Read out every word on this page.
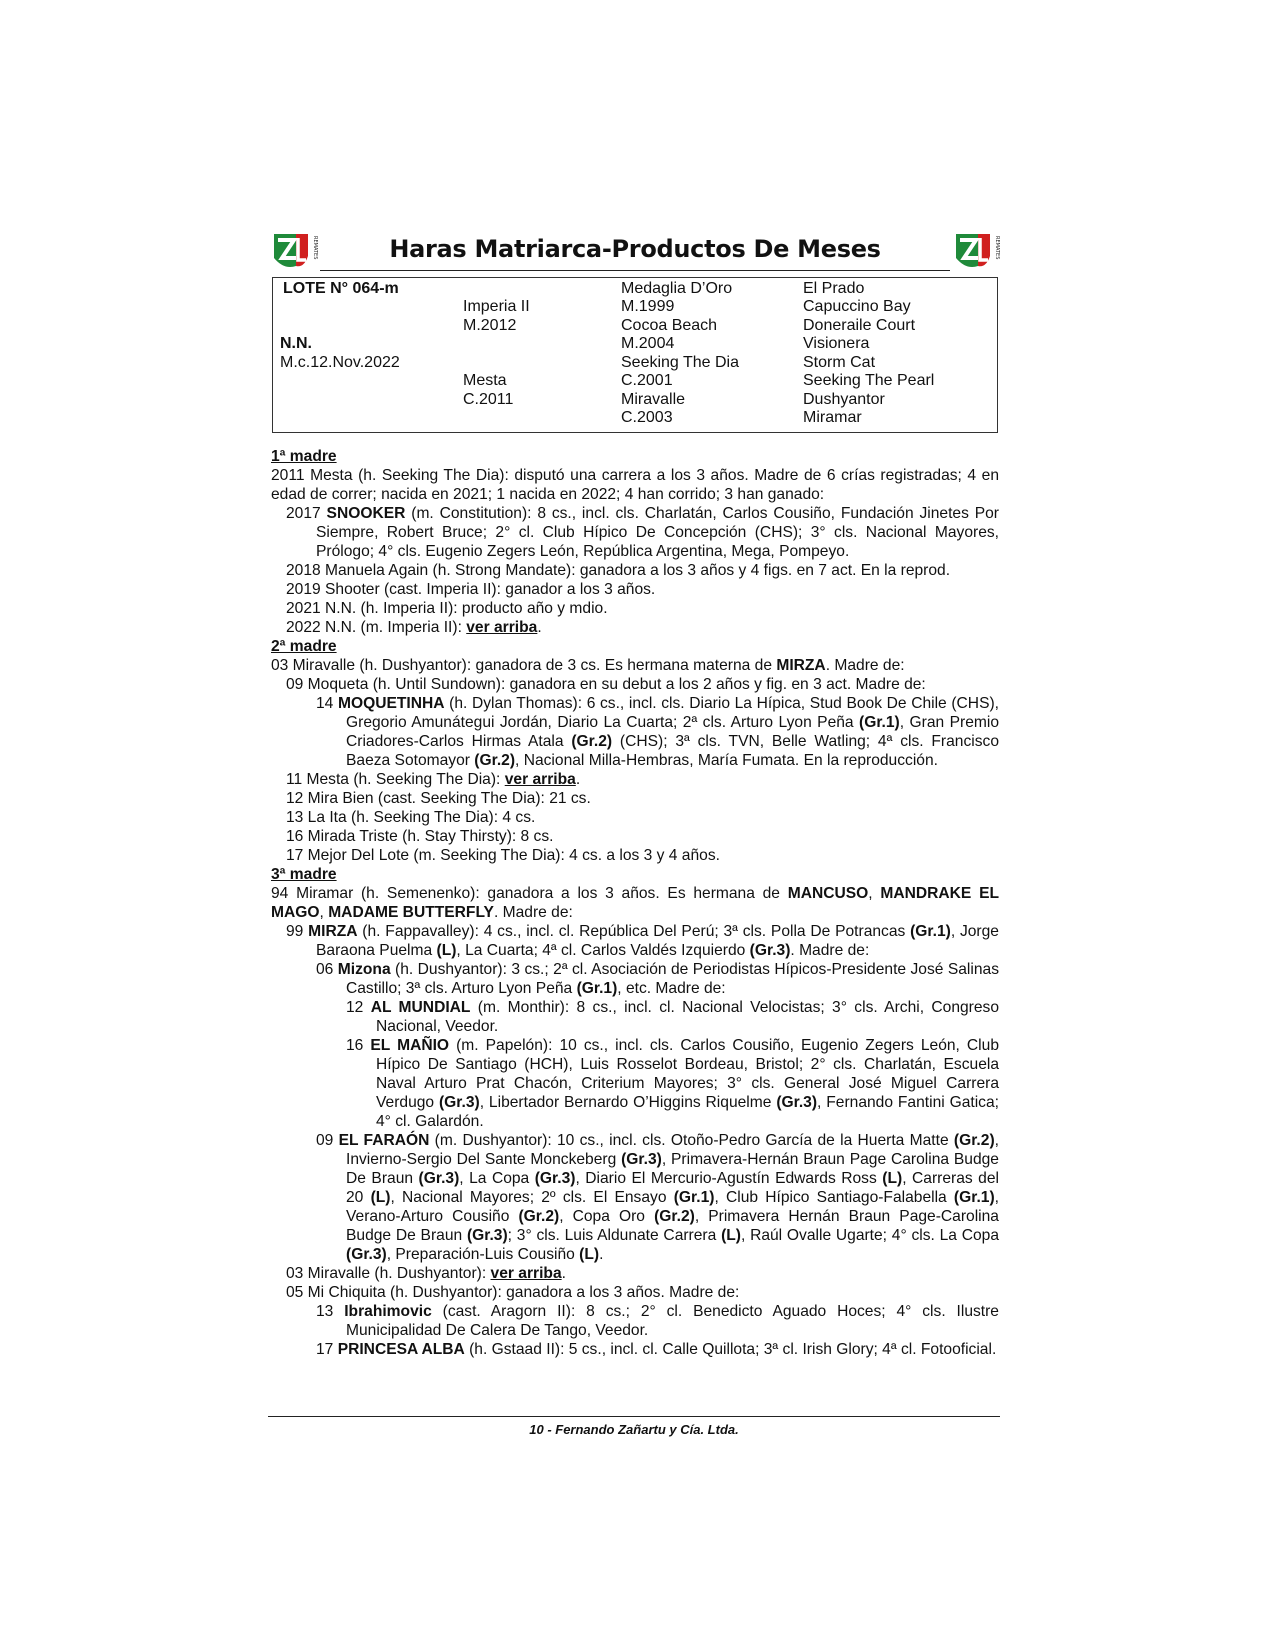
REMATES	Haras Matriarca-Productos De Meses	REMATES
LOTE N° 064-m
N.N.
M.c.12.Nov.2022
Imperia II
M.2012
Mesta
C.2011
Medaglia D’Oro
M.1999
Cocoa Beach
M.2004
Seeking The Dia
C.2001
Miravalle
C.2003
El Prado
Capuccino Bay
Doneraile Court
Visionera
Storm Cat
Seeking The Pearl
Dushyantor
Miramar

1ª madre

2011 Mesta (h. Seeking The Dia): disputó una carrera a los 3 años. Madre de 6 crías registradas; 4 en edad de correr; nacida en 2021; 1 nacida en 2022; 4 han corrido; 3 han ganado:

2017 SNOOKER (m. Constitution): 8 cs., incl. cls. Charlatán, Carlos Cousiño, Fundación Jinetes Por Siempre, Robert Bruce; 2° cl. Club Hípico De Concepción (CHS); 3° cls. Nacional Mayores, Prólogo; 4° cls. Eugenio Zegers León, República Argentina, Mega, Pompeyo.

2018 Manuela Again (h. Strong Mandate): ganadora a los 3 años y 4 figs. en 7 act. En la reprod.

2019 Shooter (cast. Imperia II): ganador a los 3 años.

2021 N.N. (h. Imperia II): producto año y mdio.

2022 N.N. (m. Imperia II): ver arriba.

2ª madre

03 Miravalle (h. Dushyantor): ganadora de 3 cs. Es hermana materna de MIRZA. Madre de:

09 Moqueta (h. Until Sundown): ganadora en su debut a los 2 años y fig. en 3 act. Madre de:

14 MOQUETINHA (h. Dylan Thomas): 6 cs., incl. cls. Diario La Hípica, Stud Book De Chile (CHS), Gregorio Amunátegui Jordán, Diario La Cuarta; 2ª cls. Arturo Lyon Peña (Gr.1), Gran Premio Criadores-Carlos Hirmas Atala (Gr.2) (CHS); 3ª cls. TVN, Belle Watling; 4ª cls. Francisco Baeza Sotomayor (Gr.2), Nacional Milla-Hembras, María Fumata. En la reproducción.

11 Mesta (h. Seeking The Dia): ver arriba.

12 Mira Bien (cast. Seeking The Dia): 21 cs.

13 La Ita (h. Seeking The Dia): 4 cs.

16 Mirada Triste (h. Stay Thirsty): 8 cs.

17 Mejor Del Lote (m. Seeking The Dia): 4 cs. a los 3 y 4 años.

3ª madre

94 Miramar (h. Semenenko): ganadora a los 3 años. Es hermana de MANCUSO, MANDRAKE EL MAGO, MADAME BUTTERFLY. Madre de:

99 MIRZA (h. Fappavalley): 4 cs., incl. cl. República Del Perú; 3ª cls. Polla De Potrancas (Gr.1), Jorge Baraona Puelma (L), La Cuarta; 4ª cl. Carlos Valdés Izquierdo (Gr.3). Madre de:

06 Mizona (h. Dushyantor): 3 cs.; 2ª cl. Asociación de Periodistas Hípicos-Presidente José Salinas Castillo; 3ª cls. Arturo Lyon Peña (Gr.1), etc. Madre de:

12 AL MUNDIAL (m. Monthir): 8 cs., incl. cl. Nacional Velocistas; 3° cls. Archi, Congreso Nacional, Veedor.

16 EL MAÑIO (m. Papelón): 10 cs., incl. cls. Carlos Cousiño, Eugenio Zegers León, Club Hípico De Santiago (HCH), Luis Rosselot Bordeau, Bristol; 2° cls. Charlatán, Escuela Naval Arturo Prat Chacón, Criterium Mayores; 3° cls. General José Miguel Carrera Verdugo (Gr.3), Libertador Bernardo O’Higgins Riquelme (Gr.3), Fernando Fantini Gatica; 4° cl. Galardón.

09 EL FARAÓN (m. Dushyantor): 10 cs., incl. cls. Otoño-Pedro García de la Huerta Matte (Gr.2), Invierno-Sergio Del Sante Monckeberg (Gr.3), Primavera-Hernán Braun Page Carolina Budge De Braun (Gr.3), La Copa (Gr.3), Diario El Mercurio-Agustín Edwards Ross (L), Carreras del 20 (L), Nacional Mayores; 2º cls. El Ensayo (Gr.1), Club Hípico Santiago-Falabella (Gr.1), Verano-Arturo Cousiño (Gr.2), Copa Oro (Gr.2), Primavera Hernán Braun Page-Carolina Budge De Braun (Gr.3); 3° cls. Luis Aldunate Carrera (L), Raúl Ovalle Ugarte; 4° cls. La Copa (Gr.3), Preparación-Luis Cousiño (L).

03 Miravalle (h. Dushyantor): ver arriba.

05 Mi Chiquita (h. Dushyantor): ganadora a los 3 años. Madre de:

13 Ibrahimovic (cast. Aragorn II): 8 cs.; 2° cl. Benedicto Aguado Hoces; 4° cls. Ilustre Municipalidad De Calera De Tango, Veedor.

17 PRINCESA ALBA (h. Gstaad II): 5 cs., incl. cl. Calle Quillota; 3ª cl. Irish Glory; 4ª cl. Fotooficial.

10 - Fernando Zañartu y Cía. Ltda.
